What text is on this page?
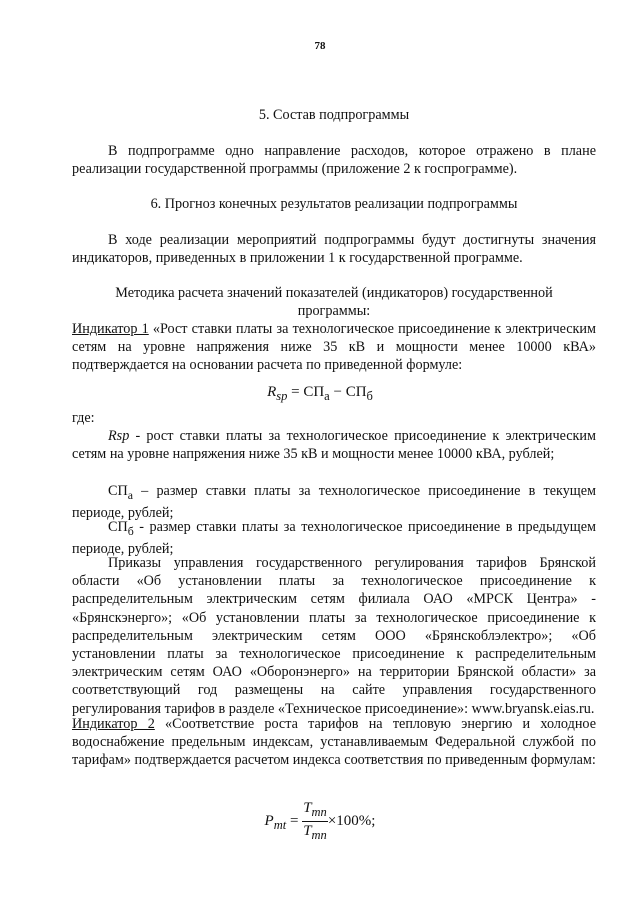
78
5. Состав подпрограммы
В подпрограмме одно направление расходов, которое отражено в плане реализации государственной программы (приложение 2 к госпрограмме).
6. Прогноз конечных результатов реализации подпрограммы
В ходе реализации мероприятий подпрограммы будут достигнуты значения индикаторов, приведенных в приложении 1 к государственной программе.
Методика расчета значений показателей (индикаторов) государственной программы:
Индикатор 1 «Рост ставки платы за технологическое присоединение к электрическим сетям на уровне напряжения ниже 35 кВ и мощности менее 10000 кВА» подтверждается на основании расчета по приведенной формуле:
$R_{sp} = СП_а - СП_б$
где:
Rsp - рост ставки платы за технологическое присоединение к электрическим сетям на уровне напряжения ниже 35 кВ и мощности менее 10000 кВА, рублей;
$СП_а$ – размер ставки платы за технологическое присоединение в текущем периоде, рублей;
$СП_б$ - размер ставки платы за технологическое присоединение в предыдущем периоде, рублей;
Приказы управления государственного регулирования тарифов Брянской области «Об установлении платы за технологическое присоединение к распределительным электрическим сетям филиала ОАО «МРСК Центра» - «Брянскэнерго»; «Об установлении платы за технологическое присоединение к распределительным электрическим сетям ООО «Брянскоблэлектро»; «Об установлении платы за технологическое присоединение к распределительным электрическим сетям ОАО «Оборонэнерго» на территории Брянской области» за соответствующий год размещены на сайте управления государственного регулирования тарифов в разделе «Техническое присоединение»: www.bryansk.eias.ru.
Индикатор 2 «Соответствие роста тарифов на тепловую энергию и холодное водоснабжение предельным индексам, устанавливаемым Федеральной службой по тарифам» подтверждается расчетом индекса соответствия по приведенным формулам:
$P_{mt} = \frac{T_{mn}}{T_{mn}} \times 100\%$;
